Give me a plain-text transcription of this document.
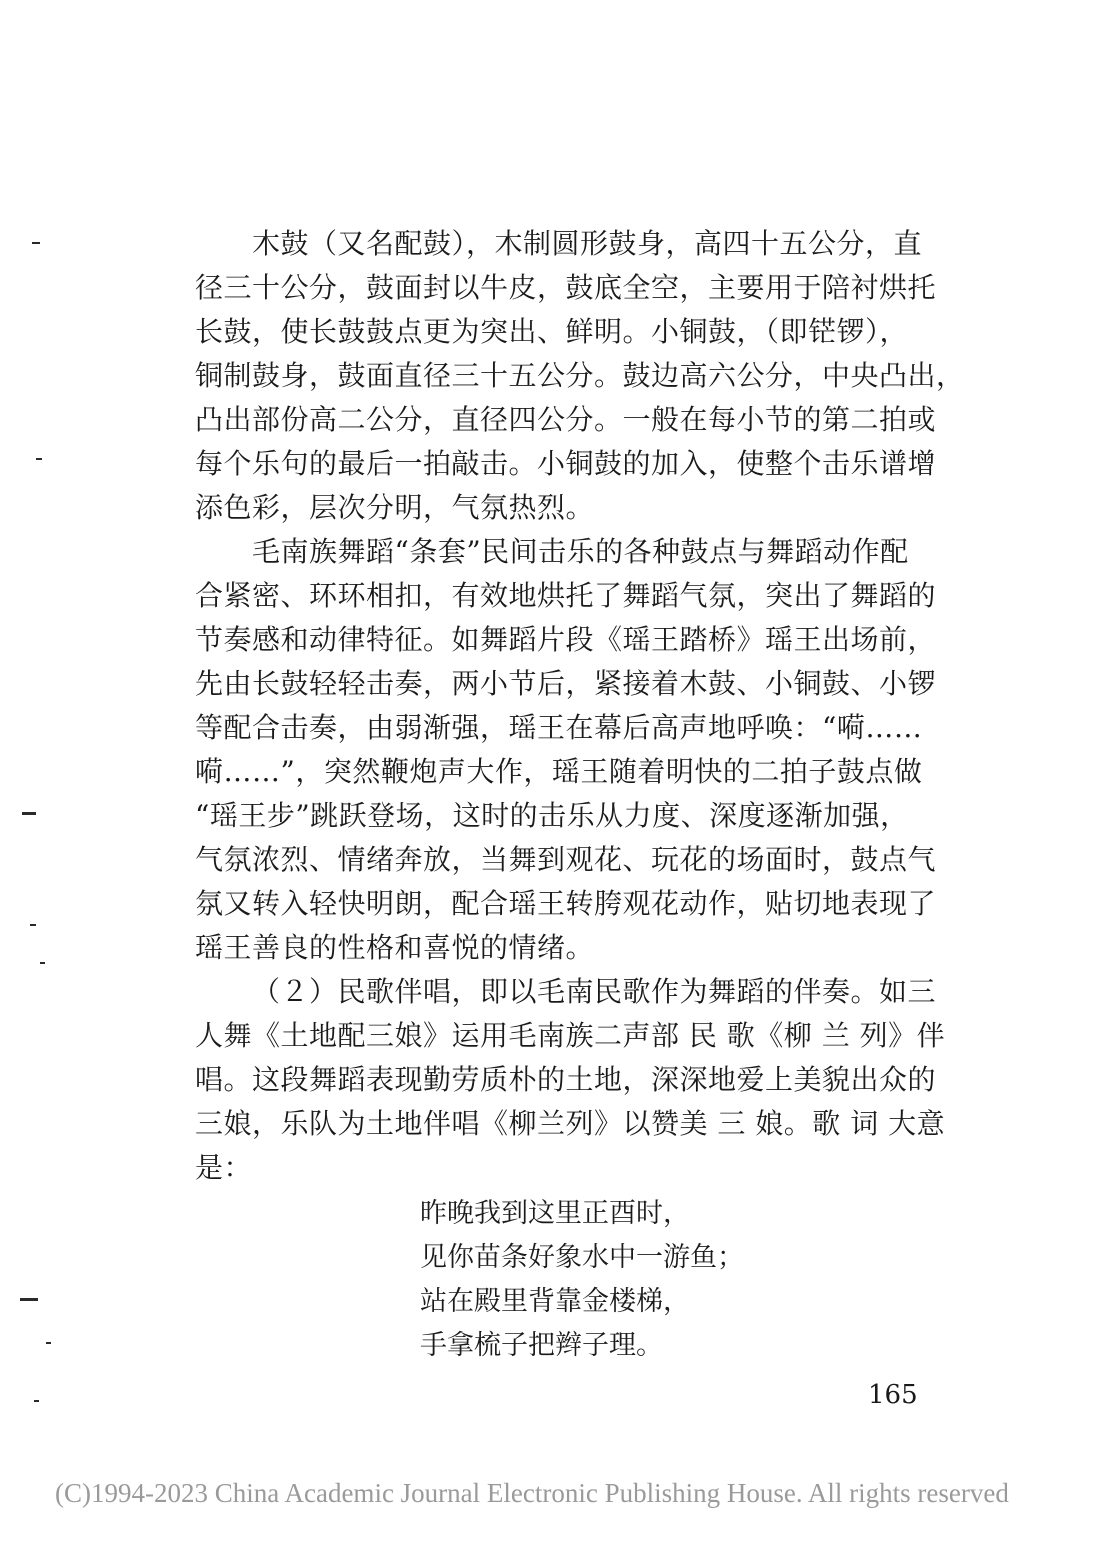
木鼓（又名配鼓），木制圆形鼓身，高四十五公分，直
径三十公分，鼓面封以牛皮，鼓底全空，主要用于陪衬烘托
长鼓，使长鼓鼓点更为突出、鲜明。小铜鼓，（即铓锣），
铜制鼓身，鼓面直径三十五公分。鼓边高六公分，中央凸出，
凸出部份高二公分，直径四公分。一般在每小节的第二拍或
每个乐句的最后一拍敲击。小铜鼓的加入，使整个击乐谱增
添色彩，层次分明，气氛热烈。
毛南族舞蹈“条套”民间击乐的各种鼓点与舞蹈动作配
合紧密、环环相扣，有效地烘托了舞蹈气氛，突出了舞蹈的
节奏感和动律特征。如舞蹈片段《瑶王踏桥》瑶王出场前，
先由长鼓轻轻击奏，两小节后，紧接着木鼓、小铜鼓、小锣
等配合击奏，由弱渐强，瑶王在幕后高声地呼唤：“嗬……
嗬……”，突然鞭炮声大作，瑶王随着明快的二拍子鼓点做
“瑶王步”跳跃登场，这时的击乐从力度、深度逐渐加强，
气氛浓烈、情绪奔放，当舞到观花、玩花的场面时，鼓点气
氛又转入轻快明朗，配合瑶王转胯观花动作，贴切地表现了
瑶王善良的性格和喜悦的情绪。
（２）民歌伴唱，即以毛南民歌作为舞蹈的伴奏。如三
人舞《土地配三娘》运用毛南族二声部 民 歌《柳 兰 列》伴
唱。这段舞蹈表现勤劳质朴的土地，深深地爱上美貌出众的
三娘，乐队为土地伴唱《柳兰列》以赞美 三 娘。歌 词 大意
是：
昨晚我到这里正酉时，
见你苗条好象水中一游鱼；
站在殿里背靠金楼梯，
手拿梳子把辫子理。
165
(C)1994-2023 China Academic Journal Electronic Publishing House. All rights reserved
